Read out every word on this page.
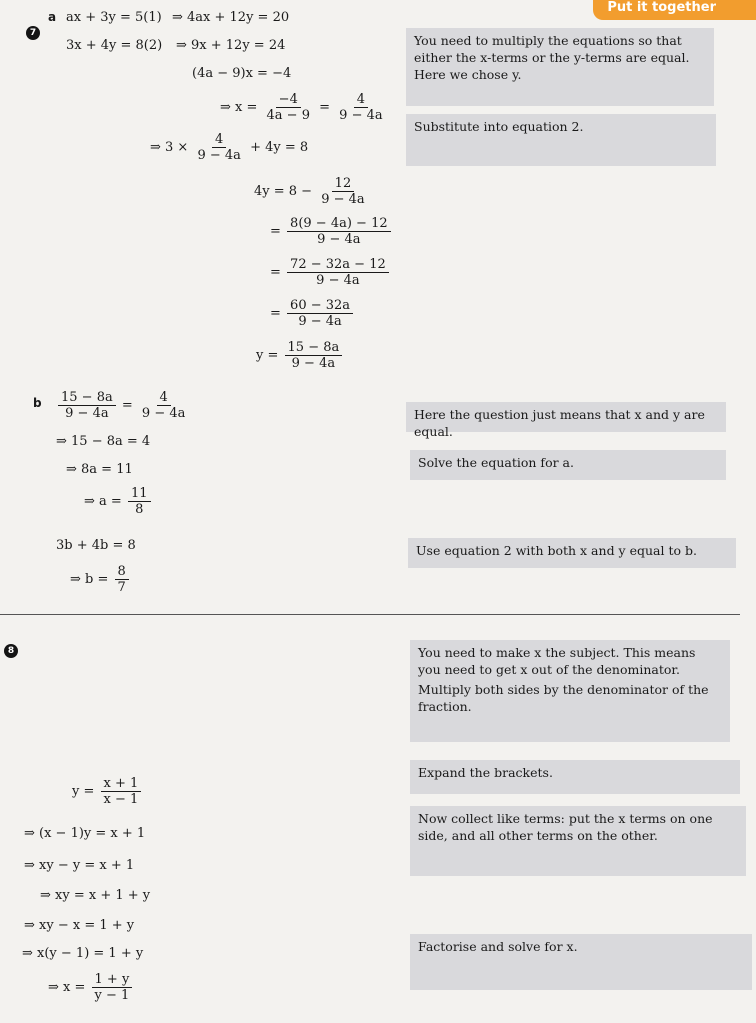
Put it together
7
a ax + 3y = 5(1)
3x + 4y = 8(2)
⇒ 4ax + 12y = 20
⇒ 9x + 12y = 24
(4a − 9)x = −4
⇒ $x = \frac{-4}{4a - 9} = \frac{4}{9 - 4a}$
⇒ $3 \times \frac{4}{9 - 4a} + 4y = 8$
$4y = 8 - \frac{12}{9 - 4a}$
= $\frac{8(9 - 4a) - 12}{9 - 4a}$
= $\frac{72 - 32a - 12}{9 - 4a}$
= $\frac{60 - 32a}{9 - 4a}$
$y = \frac{15 - 8a}{9 - 4a}$
b $\frac{15 - 8a}{9 - 4a} = \frac{4}{9 - 4a}$
⇒ 15 − 8a = 4
⇒ 8a = 11
⇒ $a = \frac{11}{8}$
3b + 4b = 8
⇒ $b = \frac{8}{7}$
You need to multiply the equations so that either the x-terms or the y-terms are equal. Here we chose y.
Substitute into equation 2.
Here the question just means that x and y are equal.
Solve the equation for a.
Use equation 2 with both x and y equal to b.
8
$y = \frac{x + 1}{x - 1}$
⇒ (x − 1)y = x + 1
⇒ xy − y = x + 1
⇒ xy = x + 1 + y
⇒ xy − x = 1 + y
⇒ x(y − 1) = 1 + y
⇒ $x = \frac{1 + y}{y - 1}$

You need to make x the subject. This means you need to get x out of the denominator.

Multiply both sides by the denominator of the fraction.

Expand the brackets.
Now collect like terms: put the x terms on one side, and all other terms on the other.
Factorise and solve for x.
